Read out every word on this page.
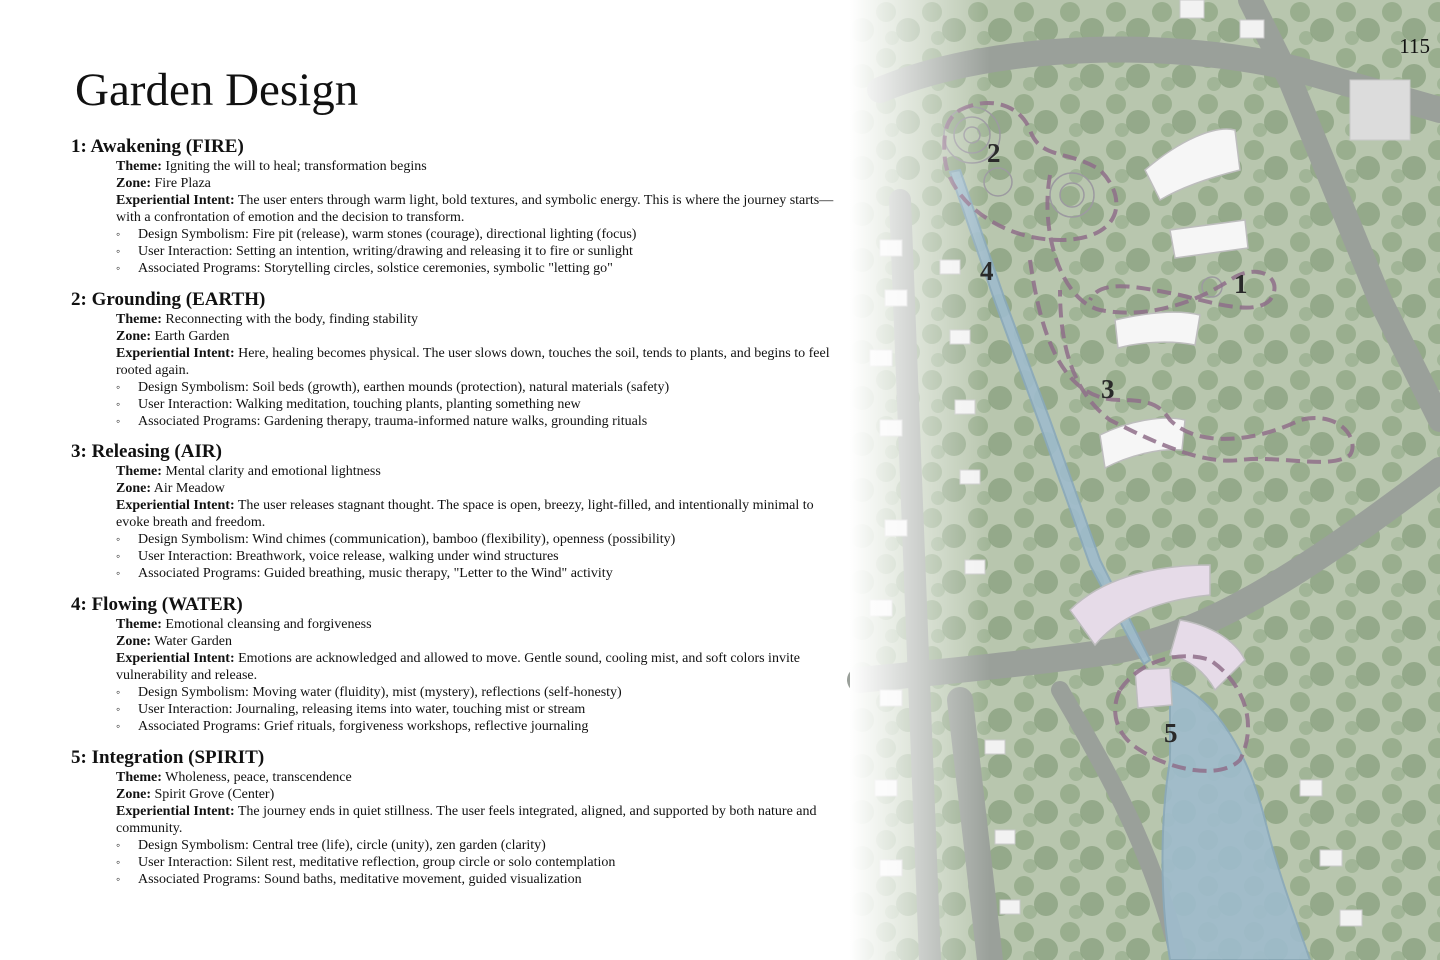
1
2
3
4
5
115
Garden Design
1: Awakening (FIRE)
Theme: Igniting the will to heal; transformation begins
Zone: Fire Plaza
Experiential Intent: The user enters through warm light, bold textures, and symbolic energy. This is where the journey starts—with a confrontation of emotion and the decision to transform.
◦ Design Symbolism: Fire pit (release), warm stones (courage), directional lighting (focus)
◦ User Interaction: Setting an intention, writing/drawing and releasing it to fire or sunlight
◦ Associated Programs: Storytelling circles, solstice ceremonies, symbolic "letting go"
2: Grounding (EARTH)
Theme: Reconnecting with the body, finding stability
Zone: Earth Garden
Experiential Intent: Here, healing becomes physical. The user slows down, touches the soil, tends to plants, and begins to feel rooted again.
◦ Design Symbolism: Soil beds (growth), earthen mounds (protection), natural materials (safety)
◦ User Interaction: Walking meditation, touching plants, planting something new
◦ Associated Programs: Gardening therapy, trauma-informed nature walks, grounding rituals
3: Releasing (AIR)
Theme: Mental clarity and emotional lightness
Zone: Air Meadow
Experiential Intent: The user releases stagnant thought. The space is open, breezy, light-filled, and intentionally minimal to evoke breath and freedom.
◦ Design Symbolism: Wind chimes (communication), bamboo (flexibility), openness (possibility)
◦ User Interaction: Breathwork, voice release, walking under wind structures
◦ Associated Programs: Guided breathing, music therapy, "Letter to the Wind" activity
4: Flowing (WATER)
Theme: Emotional cleansing and forgiveness
Zone: Water Garden
Experiential Intent: Emotions are acknowledged and allowed to move. Gentle sound, cooling mist, and soft colors invite vulnerability and release.
◦ Design Symbolism: Moving water (fluidity), mist (mystery), reflections (self-honesty)
◦ User Interaction: Journaling, releasing items into water, touching mist or stream
◦ Associated Programs: Grief rituals, forgiveness workshops, reflective journaling
5: Integration (SPIRIT)
Theme: Wholeness, peace, transcendence
Zone: Spirit Grove (Center)
Experiential Intent: The journey ends in quiet stillness. The user feels integrated, aligned, and supported by both nature and community.
◦ Design Symbolism: Central tree (life), circle (unity), zen garden (clarity)
◦ User Interaction: Silent rest, meditative reflection, group circle or solo contemplation
◦ Associated Programs: Sound baths, meditative movement, guided visualization
